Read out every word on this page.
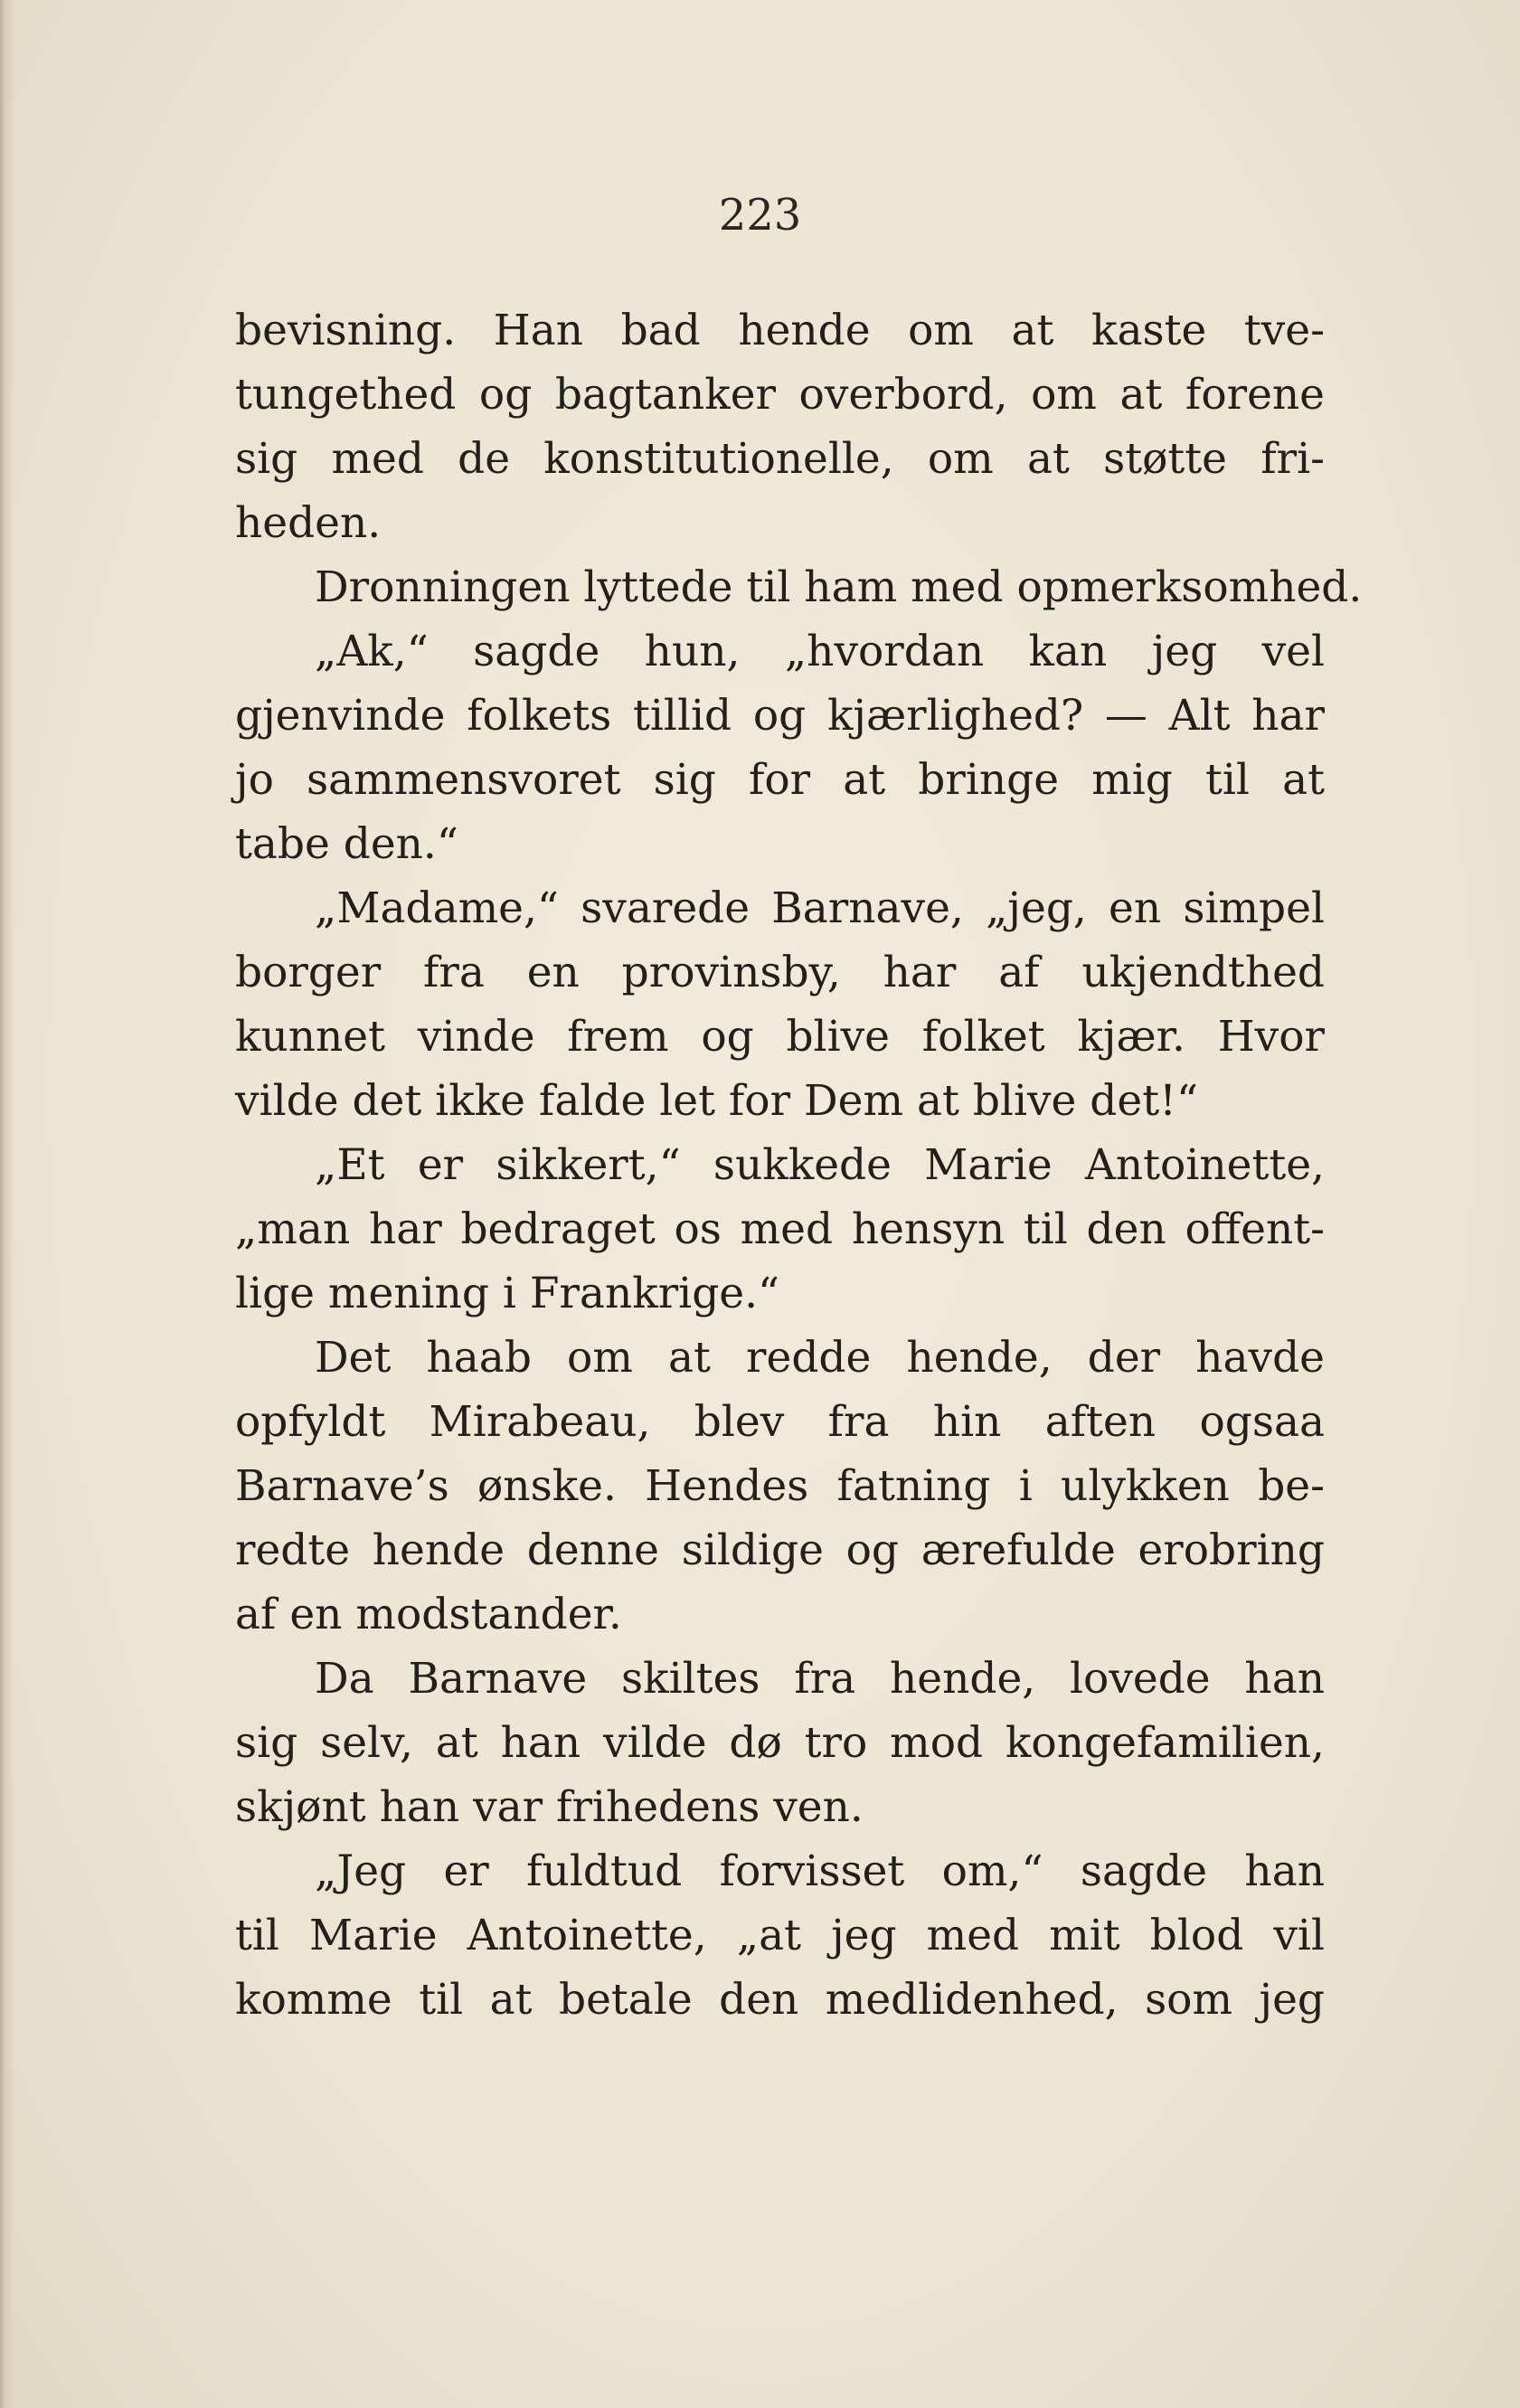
223
bevisning. Han bad hende om at kaste tve-
tungethed og bagtanker overbord, om at forene
sig med de konstitutionelle, om at støtte fri-
heden.
Dronningen lyttede til ham med opmerksomhed.
„Ak,“ sagde hun, „hvordan kan jeg vel
gjenvinde folkets tillid og kjærlighed? — Alt har
jo sammensvoret sig for at bringe mig til at
tabe den.“
„Madame,“ svarede Barnave, „jeg, en simpel
borger fra en provinsby, har af ukjendthed
kunnet vinde frem og blive folket kjær. Hvor
vilde det ikke falde let for Dem at blive det!“
„Et er sikkert,“ sukkede Marie Antoinette,
„man har bedraget os med hensyn til den offent-
lige mening i Frankrige.“
Det haab om at redde hende, der havde
opfyldt Mirabeau, blev fra hin aften ogsaa
Barnave’s ønske. Hendes fatning i ulykken be-
redte hende denne sildige og ærefulde erobring
af en modstander.
Da Barnave skiltes fra hende, lovede han
sig selv, at han vilde dø tro mod kongefamilien,
skjønt han var frihedens ven.
„Jeg er fuldtud forvisset om,“ sagde han
til Marie Antoinette, „at jeg med mit blod vil
komme til at betale den medlidenhed, som jeg
